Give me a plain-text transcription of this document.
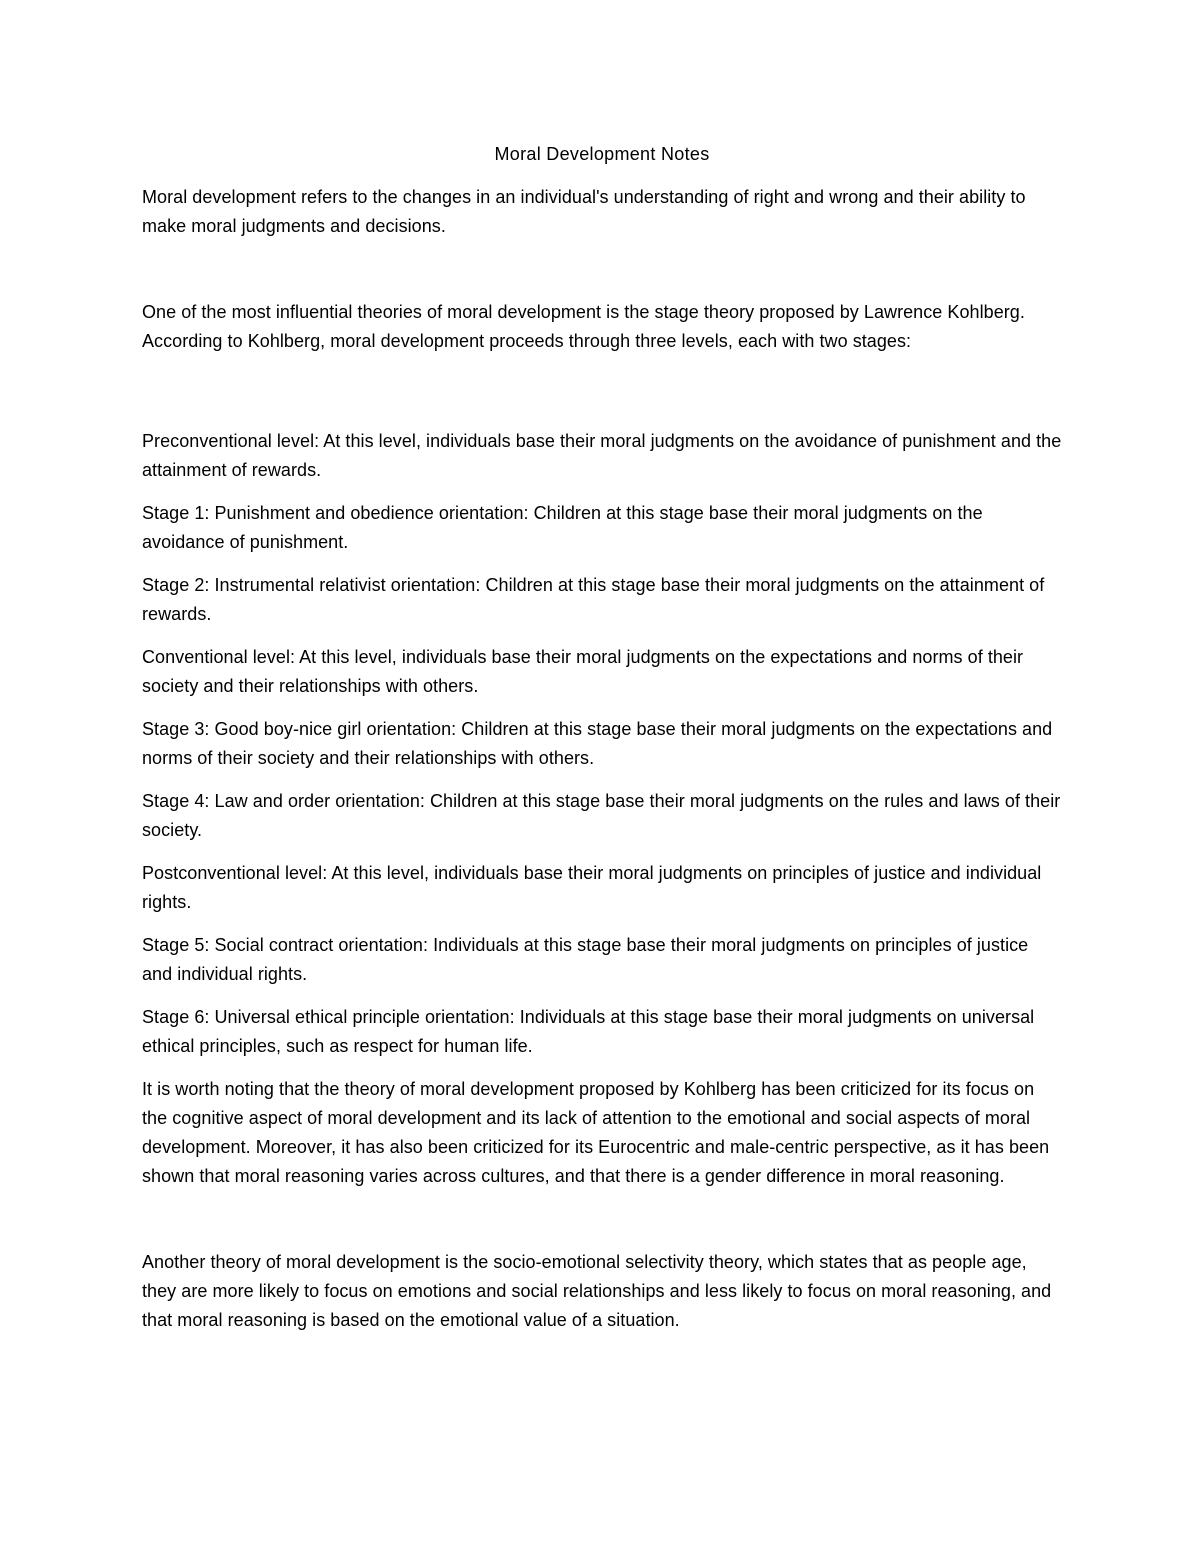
Moral Development Notes

Moral development refers to the changes in an individual's understanding of right and wrong and their ability to make moral judgments and decisions.

One of the most influential theories of moral development is the stage theory proposed by Lawrence Kohlberg. According to Kohlberg, moral development proceeds through three levels, each with two stages:

Preconventional level: At this level, individuals base their moral judgments on the avoidance of punishment and the attainment of rewards.

Stage 1: Punishment and obedience orientation: Children at this stage base their moral judgments on the avoidance of punishment.

Stage 2: Instrumental relativist orientation: Children at this stage base their moral judgments on the attainment of rewards.

Conventional level: At this level, individuals base their moral judgments on the expectations and norms of their society and their relationships with others.

Stage 3: Good boy-nice girl orientation: Children at this stage base their moral judgments on the expectations and norms of their society and their relationships with others.

Stage 4: Law and order orientation: Children at this stage base their moral judgments on the rules and laws of their society.

Postconventional level: At this level, individuals base their moral judgments on principles of justice and individual rights.

Stage 5: Social contract orientation: Individuals at this stage base their moral judgments on principles of justice and individual rights.

Stage 6: Universal ethical principle orientation: Individuals at this stage base their moral judgments on universal ethical principles, such as respect for human life.

It is worth noting that the theory of moral development proposed by Kohlberg has been criticized for its focus on the cognitive aspect of moral development and its lack of attention to the emotional and social aspects of moral development. Moreover, it has also been criticized for its Eurocentric and male-centric perspective, as it has been shown that moral reasoning varies across cultures, and that there is a gender difference in moral reasoning.

Another theory of moral development is the socio-emotional selectivity theory, which states that as people age, they are more likely to focus on emotions and social relationships and less likely to focus on moral reasoning, and that moral reasoning is based on the emotional value of a situation.
